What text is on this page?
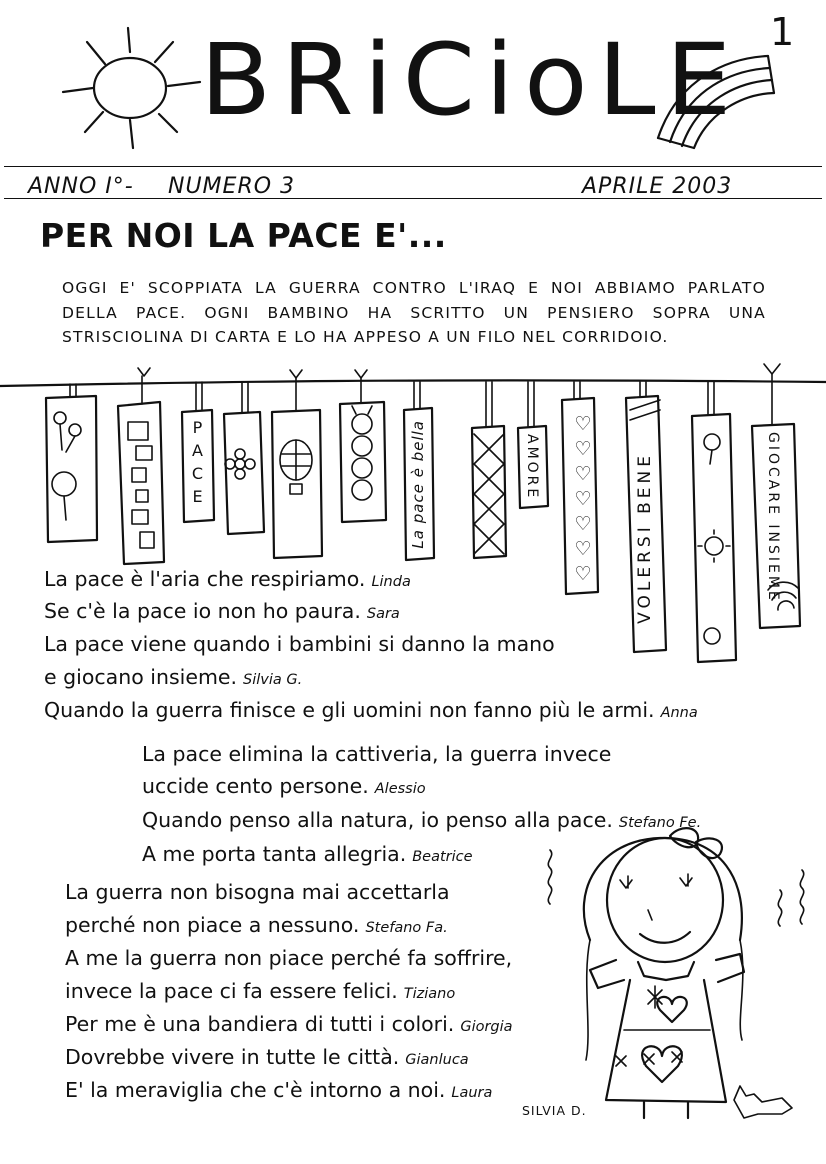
BRiCioLE 1
ANNO I°- NUMERO 3	APRILE 2003
PER NOI LA PACE E'...
OGGI E' SCOPPIATA LA GUERRA CONTRO L'IRAQ E NOI ABBIAMO PARLATO DELLA PACE. OGNI BAMBINO HA SCRITTO UN PENSIERO SOPRA UNA STRISCIOLINA DI CARTA E LO HA APPESO A UN FILO NEL CORRIDOIO.
PACE	La pace è bella	AMORE	VOLERSI BENE	GIOCARE INSIEME
♡
♡
♡
♡
♡
♡
♡
La pace è l'aria che respiriamo. Linda
Se c'è la pace io non ho paura. Sara
La pace viene quando i bambini si danno la mano
e giocano insieme. Silvia G.
Quando la guerra finisce e gli uomini non fanno più le armi. Anna
La pace elimina la cattiveria, la guerra invece
uccide cento persone. Alessio
Quando penso alla natura, io penso alla pace. Stefano Fe.
A me porta tanta allegria. Beatrice
La guerra non bisogna mai accettarla
perché non piace a nessuno. Stefano Fa.
A me la guerra non piace perché fa soffrire,
invece la pace ci fa essere felici. Tiziano
Per me è una bandiera di tutti i colori. Giorgia
Dovrebbe vivere in tutte le città. Gianluca
E' la meraviglia che c'è intorno a noi. Laura
SILVIA D.
